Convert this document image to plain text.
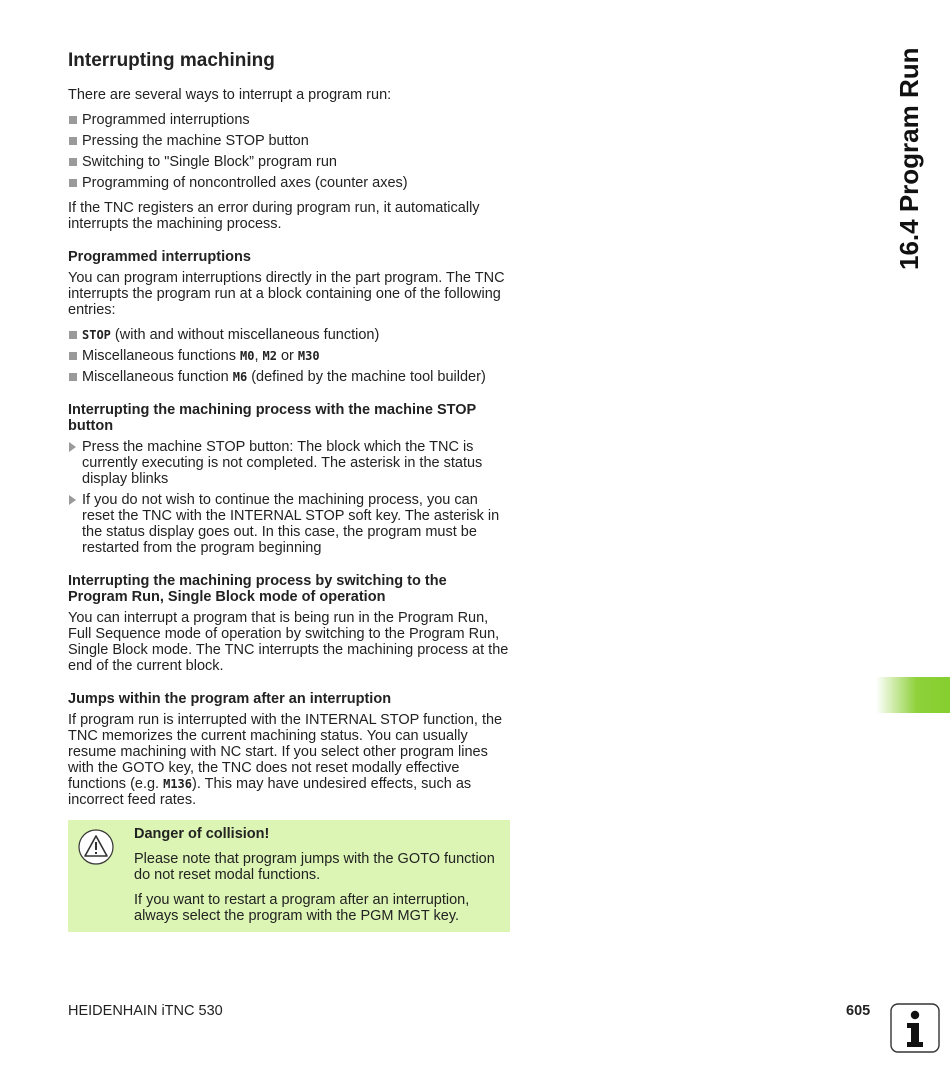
Interrupting machining

There are several ways to interrupt a program run:

Programmed interruptions
Pressing the machine STOP button
Switching to "Single Block” program run
Programming of noncontrolled axes (counter axes)

If the TNC registers an error during program run, it automatically interrupts the machining process.

Programmed interruptions

You can program interruptions directly in the part program. The TNC interrupts the program run at a block containing one of the following entries:

STOP (with and without miscellaneous function)
Miscellaneous functions M0, M2 or M30
Miscellaneous function M6 (defined by the machine tool builder)
Interrupting the machining process with the machine STOP button
Press the machine STOP button: The block which the TNC is currently executing is not completed. The asterisk in the status display blinks
If you do not wish to continue the machining process, you can reset the TNC with the INTERNAL STOP soft key. The asterisk in the status display goes out. In this case, the program must be restarted from the program beginning
Interrupting the machining process by switching to the Program Run, Single Block mode of operation

You can interrupt a program that is being run in the Program Run, Full Sequence mode of operation by switching to the Program Run, Single Block mode. The TNC interrupts the machining process at the end of the current block.

Jumps within the program after an interruption

If program run is interrupted with the INTERNAL STOP function, the TNC memorizes the current machining status. You can usually resume machining with NC start. If you select other program lines with the GOTO key, the TNC does not reset modally effective functions (e.g. M136). This may have undesired effects, such as incorrect feed rates.

Danger of collision!

Please note that program jumps with the GOTO function do not reset modal functions.

If you want to restart a program after an interruption, always select the program with the PGM MGT key.

16.4 Program Run
HEIDENHAIN iTNC 530	605
